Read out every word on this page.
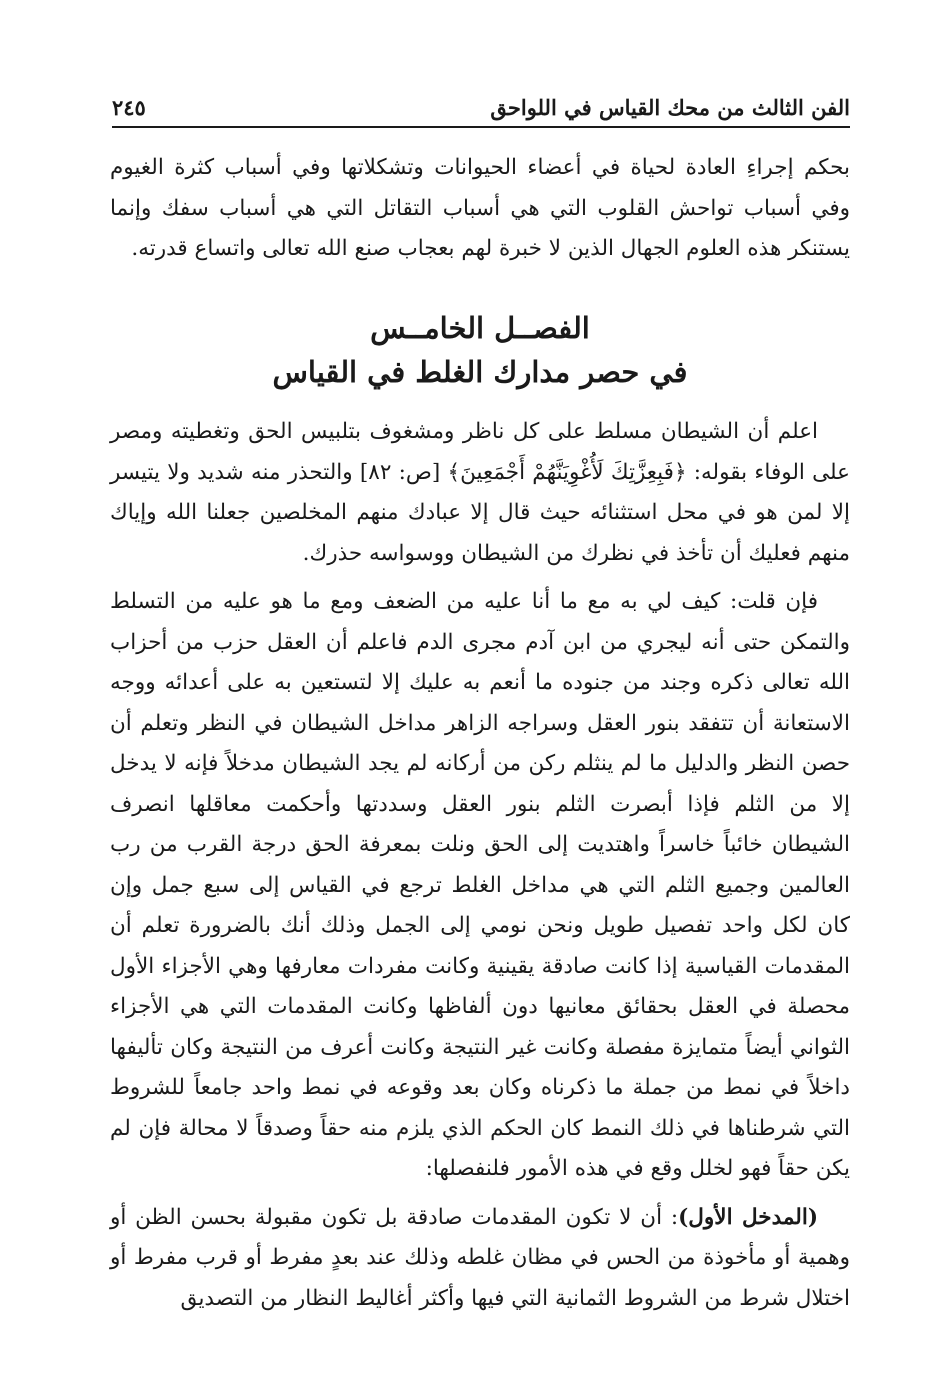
الفن الثالث من محك القياس في اللواحق
٢٤٥

بحكم إجراءِ العادة لحياة في أعضاء الحيوانات وتشكلاتها وفي أسباب كثرة الغيوم وفي أسباب تواحش القلوب التي هي أسباب التقاتل التي هي أسباب سفك وإنما يستنكر هذه العلوم الجهال الذين لا خبرة لهم بعجاب صنع الله تعالى واتساع قدرته.

الفصــل الخامــس
في حصر مدارك الغلط في القياس

اعلم أن الشيطان مسلط على كل ناظر ومشغوف بتلبيس الحق وتغطيته ومصر على الوفاء بقوله: ﴿فَبِعِزَّتِكَ لَأُغْوِيَنَّهُمْ أَجْمَعِينَ﴾ [ص: ٨٢] والتحذر منه شديد ولا يتيسر إلا لمن هو في محل استثنائه حيث قال إلا عبادك منهم المخلصين جعلنا الله وإياك منهم فعليك أن تأخذ في نظرك من الشيطان ووسواسه حذرك.

فإن قلت: كيف لي به مع ما أنا عليه من الضعف ومع ما هو عليه من التسلط والتمكن حتى أنه ليجري من ابن آدم مجرى الدم فاعلم أن العقل حزب من أحزاب الله تعالى ذكره وجند من جنوده ما أنعم به عليك إلا لتستعين به على أعدائه ووجه الاستعانة أن تتفقد بنور العقل وسراجه الزاهر مداخل الشيطان في النظر وتعلم أن حصن النظر والدليل ما لم ينثلم ركن من أركانه لم يجد الشيطان مدخلاً فإنه لا يدخل إلا من الثلم فإذا أبصرت الثلم بنور العقل وسددتها وأحكمت معاقلها انصرف الشيطان خائباً خاسراً واهتديت إلى الحق ونلت بمعرفة الحق درجة القرب من رب العالمين وجميع الثلم التي هي مداخل الغلط ترجع في القياس إلى سبع جمل وإن كان لكل واحد تفصيل طويل ونحن نومي إلى الجمل وذلك أنك بالضرورة تعلم أن المقدمات القياسية إذا كانت صادقة يقينية وكانت مفردات معارفها وهي الأجزاء الأول محصلة في العقل بحقائق معانيها دون ألفاظها وكانت المقدمات التي هي الأجزاء الثواني أيضاً متمايزة مفصلة وكانت غير النتيجة وكانت أعرف من النتيجة وكان تأليفها داخلاً في نمط من جملة ما ذكرناه وكان بعد وقوعه في نمط واحد جامعاً للشروط التي شرطناها في ذلك النمط كان الحكم الذي يلزم منه حقاً وصدقاً لا محالة فإن لم يكن حقاً فهو لخلل وقع في هذه الأمور فلنفصلها:

(المدخل الأول): أن لا تكون المقدمات صادقة بل تكون مقبولة بحسن الظن أو وهمية أو مأخوذة من الحس في مظان غلطه وذلك عند بعدٍ مفرط أو قرب مفرط أو اختلال شرط من الشروط الثمانية التي فيها وأكثر أغاليط النظار من التصديق
